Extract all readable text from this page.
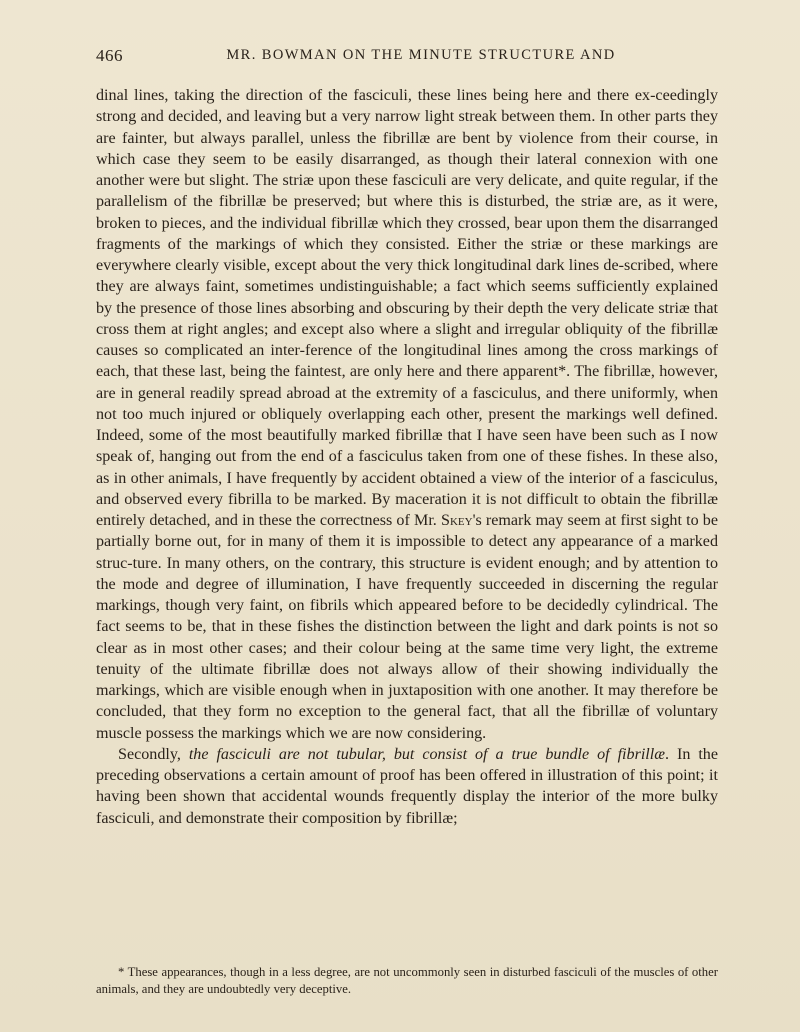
466	MR. BOWMAN ON THE MINUTE STRUCTURE AND

dinal lines, taking the direction of the fasciculi, these lines being here and there ex-ceedingly strong and decided, and leaving but a very narrow light streak between them. In other parts they are fainter, but always parallel, unless the fibrillæ are bent by violence from their course, in which case they seem to be easily disarranged, as though their lateral connexion with one another were but slight. The striæ upon these fasciculi are very delicate, and quite regular, if the parallelism of the fibrillæ be preserved; but where this is disturbed, the striæ are, as it were, broken to pieces, and the individual fibrillæ which they crossed, bear upon them the disarranged fragments of the markings of which they consisted. Either the striæ or these markings are everywhere clearly visible, except about the very thick longitudinal dark lines de-scribed, where they are always faint, sometimes undistinguishable; a fact which seems sufficiently explained by the presence of those lines absorbing and obscuring by their depth the very delicate striæ that cross them at right angles; and except also where a slight and irregular obliquity of the fibrillæ causes so complicated an inter-ference of the longitudinal lines among the cross markings of each, that these last, being the faintest, are only here and there apparent*. The fibrillæ, however, are in general readily spread abroad at the extremity of a fasciculus, and there uniformly, when not too much injured or obliquely overlapping each other, present the markings well defined. Indeed, some of the most beautifully marked fibrillæ that I have seen have been such as I now speak of, hanging out from the end of a fasciculus taken from one of these fishes. In these also, as in other animals, I have frequently by accident obtained a view of the interior of a fasciculus, and observed every fibrilla to be marked. By maceration it is not difficult to obtain the fibrillæ entirely detached, and in these the correctness of Mr. Skey's remark may seem at first sight to be partially borne out, for in many of them it is impossible to detect any appearance of a marked struc-ture. In many others, on the contrary, this structure is evident enough; and by attention to the mode and degree of illumination, I have frequently succeeded in discerning the regular markings, though very faint, on fibrils which appeared before to be decidedly cylindrical. The fact seems to be, that in these fishes the distinction between the light and dark points is not so clear as in most other cases; and their colour being at the same time very light, the extreme tenuity of the ultimate fibrillæ does not always allow of their showing individually the markings, which are visible enough when in juxtaposition with one another. It may therefore be concluded, that they form no exception to the general fact, that all the fibrillæ of voluntary muscle possess the markings which we are now considering.

Secondly, the fasciculi are not tubular, but consist of a true bundle of fibrillæ. In the preceding observations a certain amount of proof has been offered in illustration of this point; it having been shown that accidental wounds frequently display the interior of the more bulky fasciculi, and demonstrate their composition by fibrillæ;

* These appearances, though in a less degree, are not uncommonly seen in disturbed fasciculi of the muscles of other animals, and they are undoubtedly very deceptive.
